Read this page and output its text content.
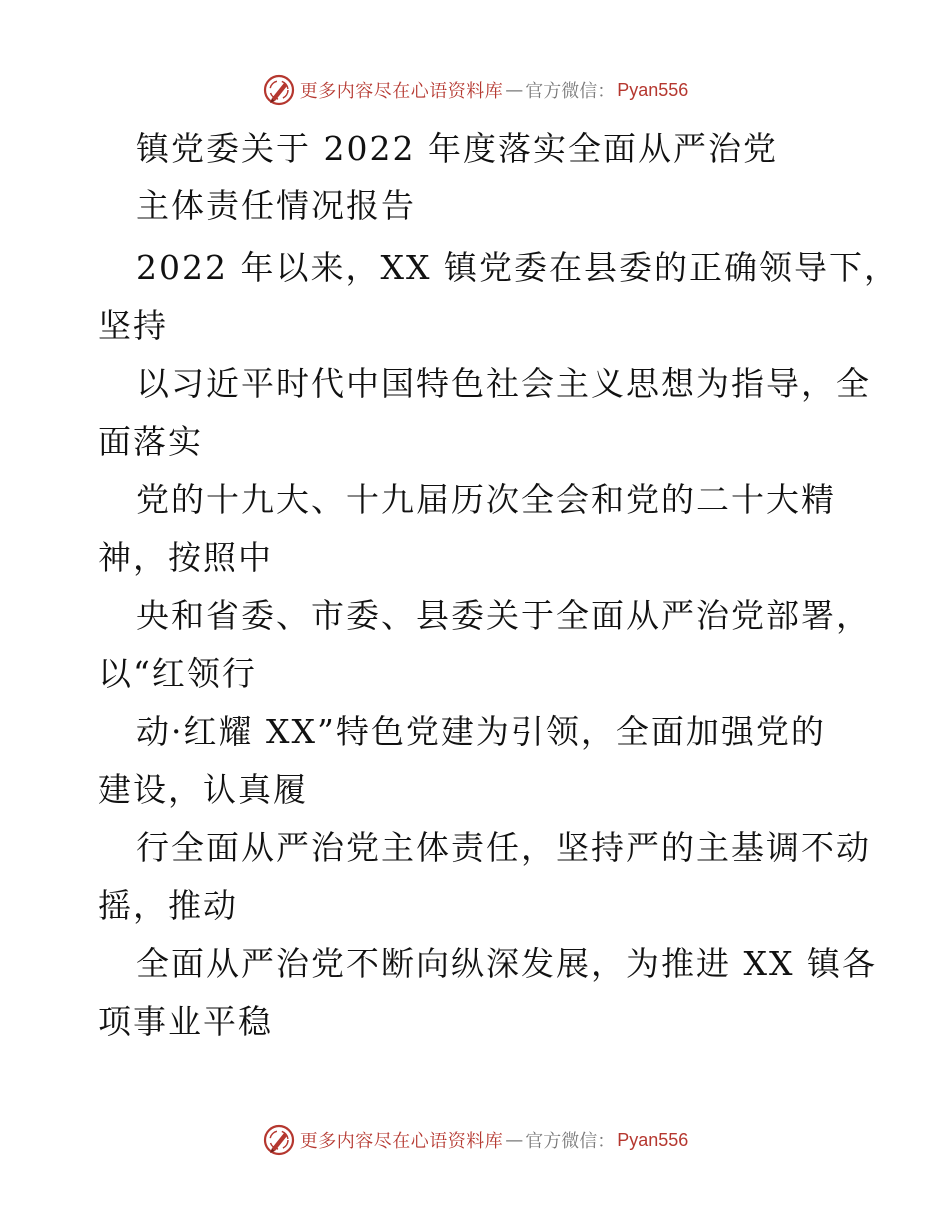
更多内容尽在心语资料库 — 官方微信： Pyan556
镇党委关于 2022 年度落实全面从严治党
主体责任情况报告
2022 年以来，XX 镇党委在县委的正确领导下，
坚持
以习近平时代中国特色社会主义思想为指导，全
面落实
党的十九大、十九届历次全会和党的二十大精
神，按照中
央和省委、市委、县委关于全面从严治党部署，
以“红领行
动·红耀 XX”特色党建为引领，全面加强党的
建设，认真履
行全面从严治党主体责任，坚持严的主基调不动
摇，推动
全面从严治党不断向纵深发展，为推进 XX 镇各
项事业平稳
更多内容尽在心语资料库 — 官方微信： Pyan556
